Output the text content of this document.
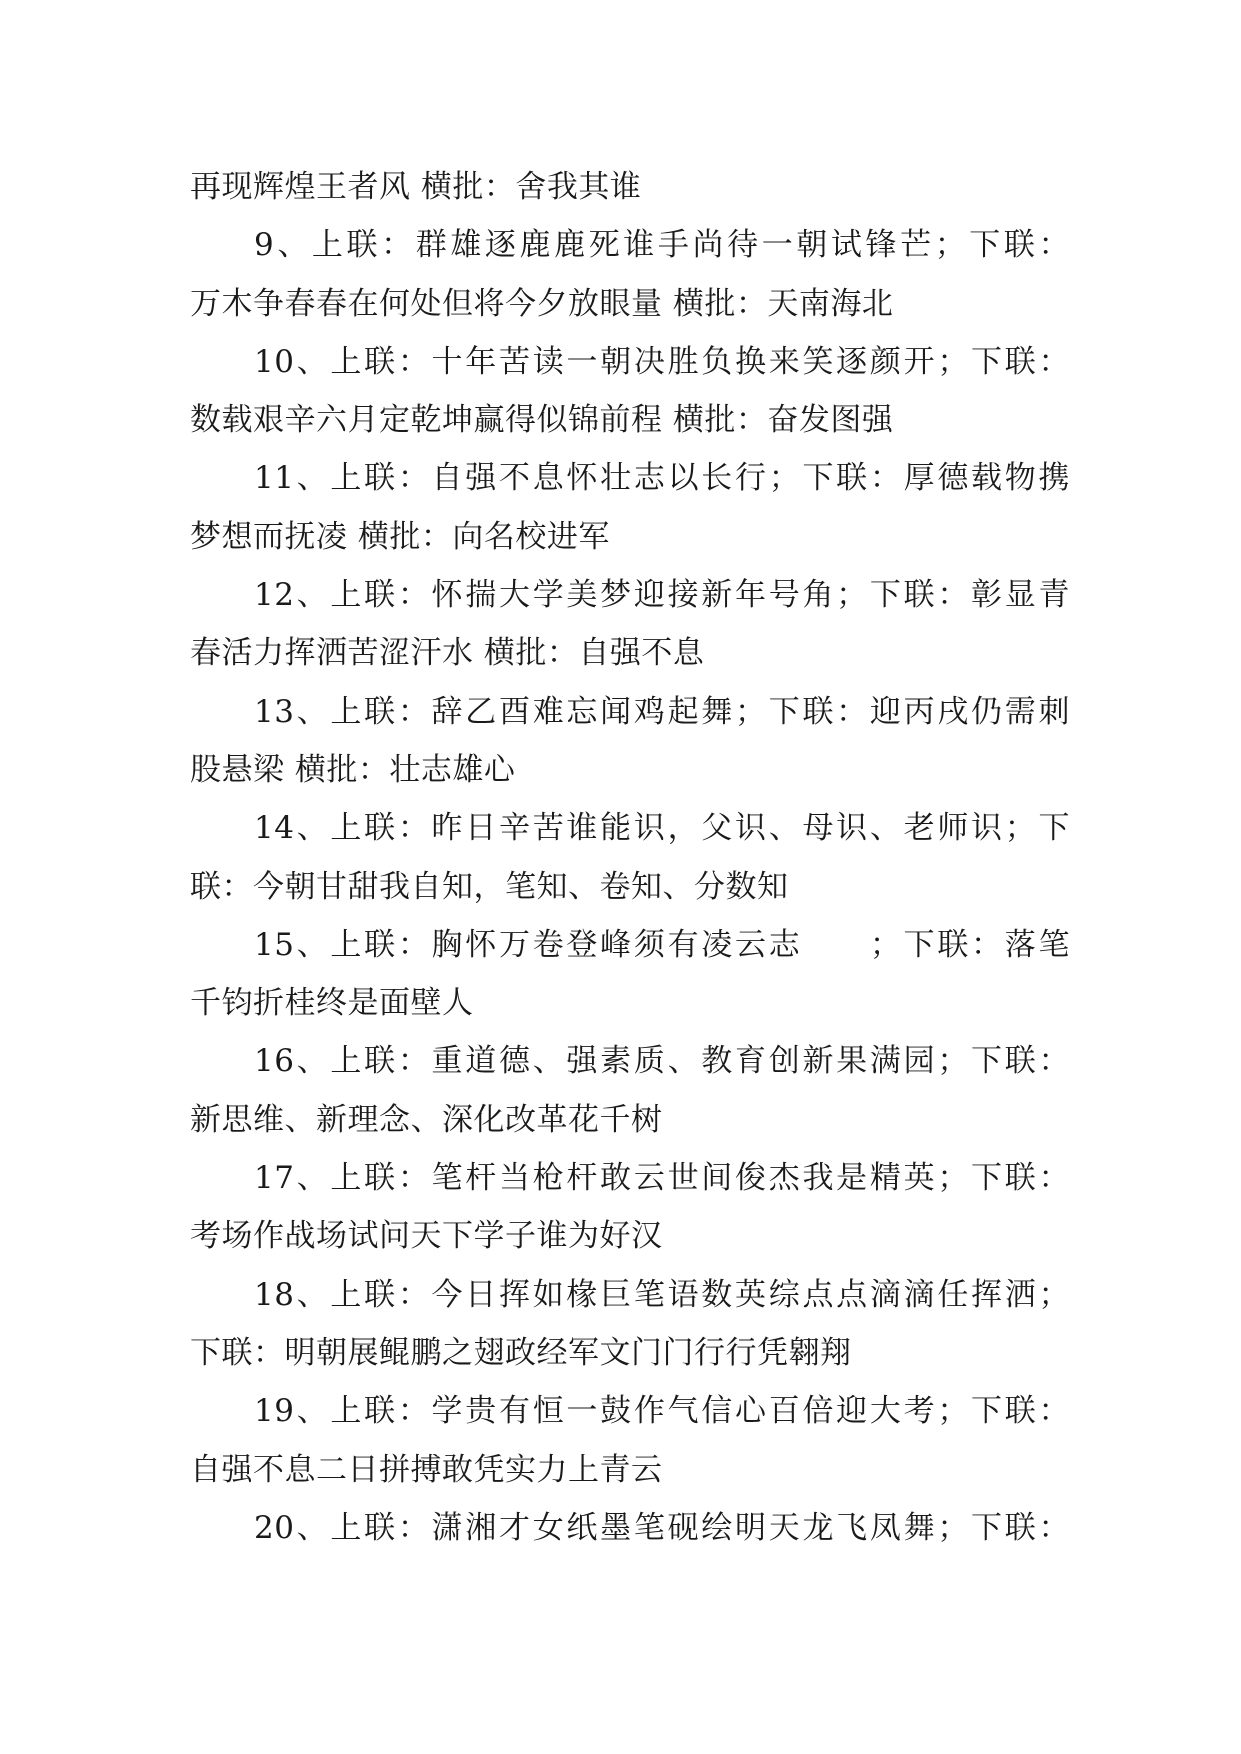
再现辉煌王者风 横批：舍我其谁
9、上联：群雄逐鹿鹿死谁手尚待一朝试锋芒；下联：
万木争春春在何处但将今夕放眼量 横批：天南海北
10、上联：十年苦读一朝决胜负换来笑逐颜开；下联：
数载艰辛六月定乾坤赢得似锦前程 横批：奋发图强
11、上联：自强不息怀壮志以长行；下联：厚德载物携
梦想而抚凌 横批：向名校进军
12、上联：怀揣大学美梦迎接新年号角；下联：彰显青
春活力挥洒苦涩汗水 横批：自强不息
13、上联：辞乙酉难忘闻鸡起舞；下联：迎丙戌仍需刺
股悬梁 横批：壮志雄心
14、上联：昨日辛苦谁能识，父识、母识、老师识；下
联：今朝甘甜我自知，笔知、卷知、分数知
15、上联：胸怀万卷登峰须有凌云志　　；下联：落笔
千钧折桂终是面壁人
16、上联：重道德、强素质、教育创新果满园；下联：
新思维、新理念、深化改革花千树
17、上联：笔杆当枪杆敢云世间俊杰我是精英；下联：
考场作战场试问天下学子谁为好汉
18、上联：今日挥如椽巨笔语数英综点点滴滴任挥洒；
下联：明朝展鲲鹏之翅政经军文门门行行凭翱翔
19、上联：学贵有恒一鼓作气信心百倍迎大考；下联：
自强不息二日拼搏敢凭实力上青云
20、上联：潇湘才女纸墨笔砚绘明天龙飞凤舞；下联：
